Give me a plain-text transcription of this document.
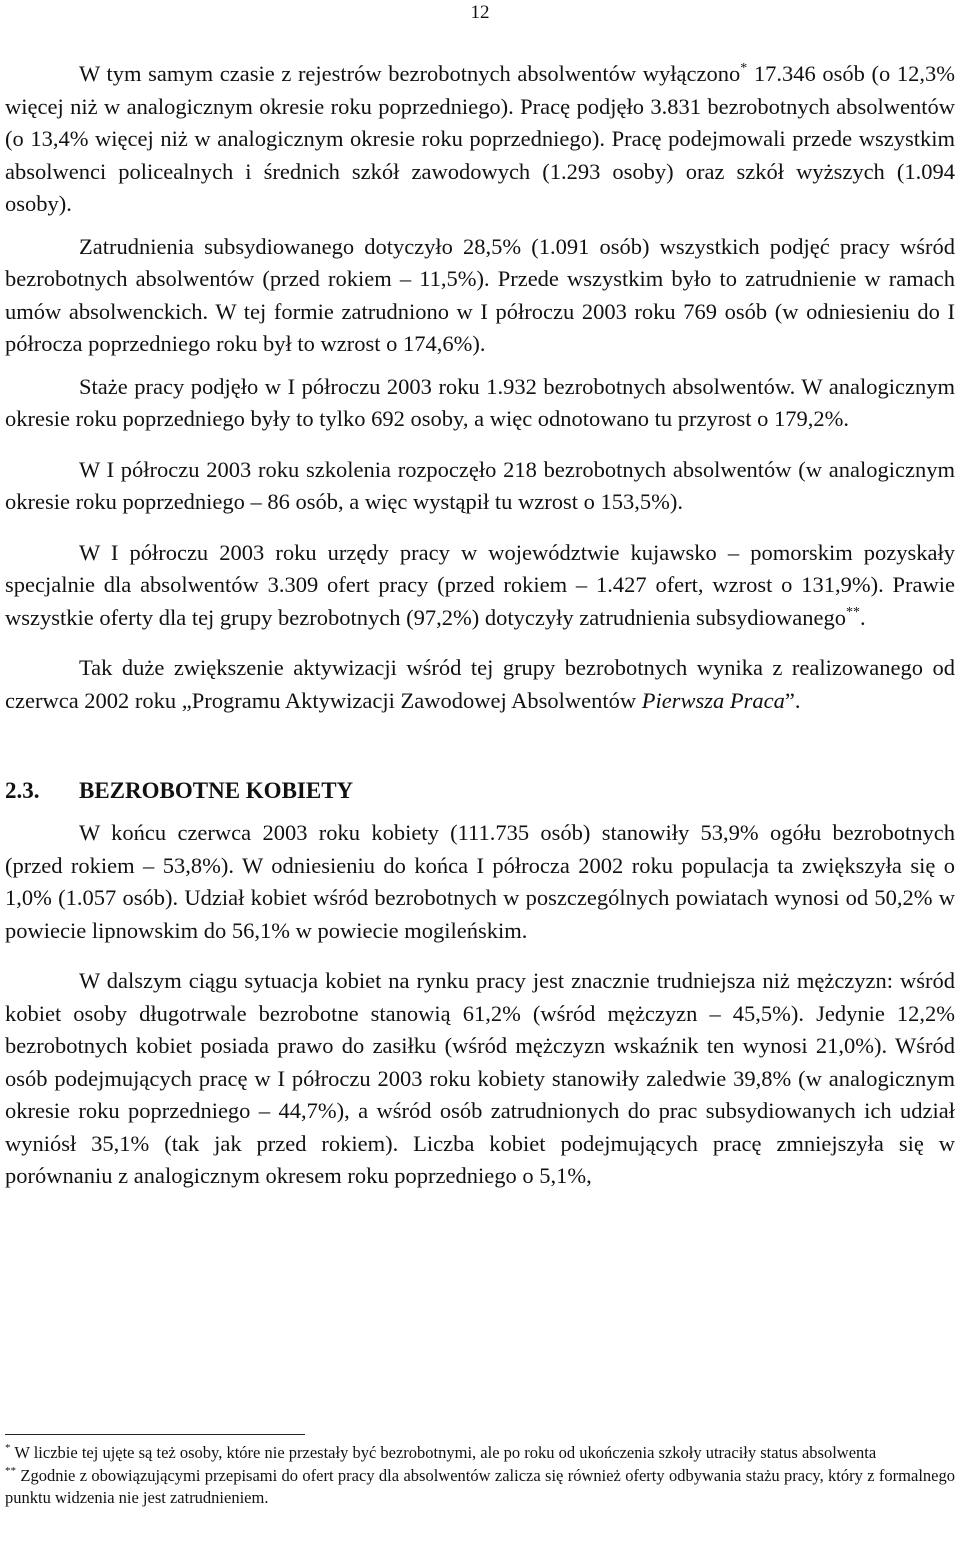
12

W tym samym czasie z rejestrów bezrobotnych absolwentów wyłączono* 17.346 osób (o 12,3% więcej niż w analogicznym okresie roku poprzedniego). Pracę podjęło 3.831 bezrobotnych absolwentów (o 13,4% więcej niż w analogicznym okresie roku poprzedniego). Pracę podejmowali przede wszystkim absolwenci policealnych i średnich szkół zawodowych (1.293 osoby) oraz szkół wyższych (1.094 osoby).

Zatrudnienia subsydiowanego dotyczyło 28,5% (1.091 osób) wszystkich podjęć pracy wśród bezrobotnych absolwentów (przed rokiem – 11,5%). Przede wszystkim było to zatrudnienie w ramach umów absolwenckich. W tej formie zatrudniono w I półroczu 2003 roku 769 osób (w odniesieniu do I półrocza poprzedniego roku był to wzrost o 174,6%).

Staże pracy podjęło w I półroczu 2003 roku 1.932 bezrobotnych absolwentów. W analogicznym okresie roku poprzedniego były to tylko 692 osoby, a więc odnotowano tu przyrost o 179,2%.

W I półroczu 2003 roku szkolenia rozpoczęło 218 bezrobotnych absolwentów (w analogicznym okresie roku poprzedniego – 86 osób, a więc wystąpił tu wzrost o 153,5%).

W I półroczu 2003 roku urzędy pracy w województwie kujawsko – pomorskim pozyskały specjalnie dla absolwentów 3.309 ofert pracy (przed rokiem – 1.427 ofert, wzrost o 131,9%). Prawie wszystkie oferty dla tej grupy bezrobotnych (97,2%) dotyczyły zatrudnienia subsydiowanego**.

Tak duże zwiększenie aktywizacji wśród tej grupy bezrobotnych wynika z realizowanego od czerwca 2002 roku „Programu Aktywizacji Zawodowej Absolwentów Pierwsza Praca”.

2.3. BEZROBOTNE KOBIETY

W końcu czerwca 2003 roku kobiety (111.735 osób) stanowiły 53,9% ogółu bezrobotnych (przed rokiem – 53,8%). W odniesieniu do końca I półrocza 2002 roku populacja ta zwiększyła się o 1,0% (1.057 osób). Udział kobiet wśród bezrobotnych w poszczególnych powiatach wynosi od 50,2% w powiecie lipnowskim do 56,1% w powiecie mogileńskim.

W dalszym ciągu sytuacja kobiet na rynku pracy jest znacznie trudniejsza niż mężczyzn: wśród kobiet osoby długotrwale bezrobotne stanowią 61,2% (wśród mężczyzn – 45,5%). Jedynie 12,2% bezrobotnych kobiet posiada prawo do zasiłku (wśród mężczyzn wskaźnik ten wynosi 21,0%). Wśród osób podejmujących pracę w I półroczu 2003 roku kobiety stanowiły zaledwie 39,8% (w analogicznym okresie roku poprzedniego – 44,7%), a wśród osób zatrudnionych do prac subsydiowanych ich udział wyniósł 35,1% (tak jak przed rokiem). Liczba kobiet podejmujących pracę zmniejszyła się w porównaniu z analogicznym okresem roku poprzedniego o 5,1%,

* W liczbie tej ujęte są też osoby, które nie przestały być bezrobotnymi, ale po roku od ukończenia szkoły utraciły status absolwenta

** Zgodnie z obowiązującymi przepisami do ofert pracy dla absolwentów zalicza się również oferty odbywania stażu pracy, który z formalnego punktu widzenia nie jest zatrudnieniem.
